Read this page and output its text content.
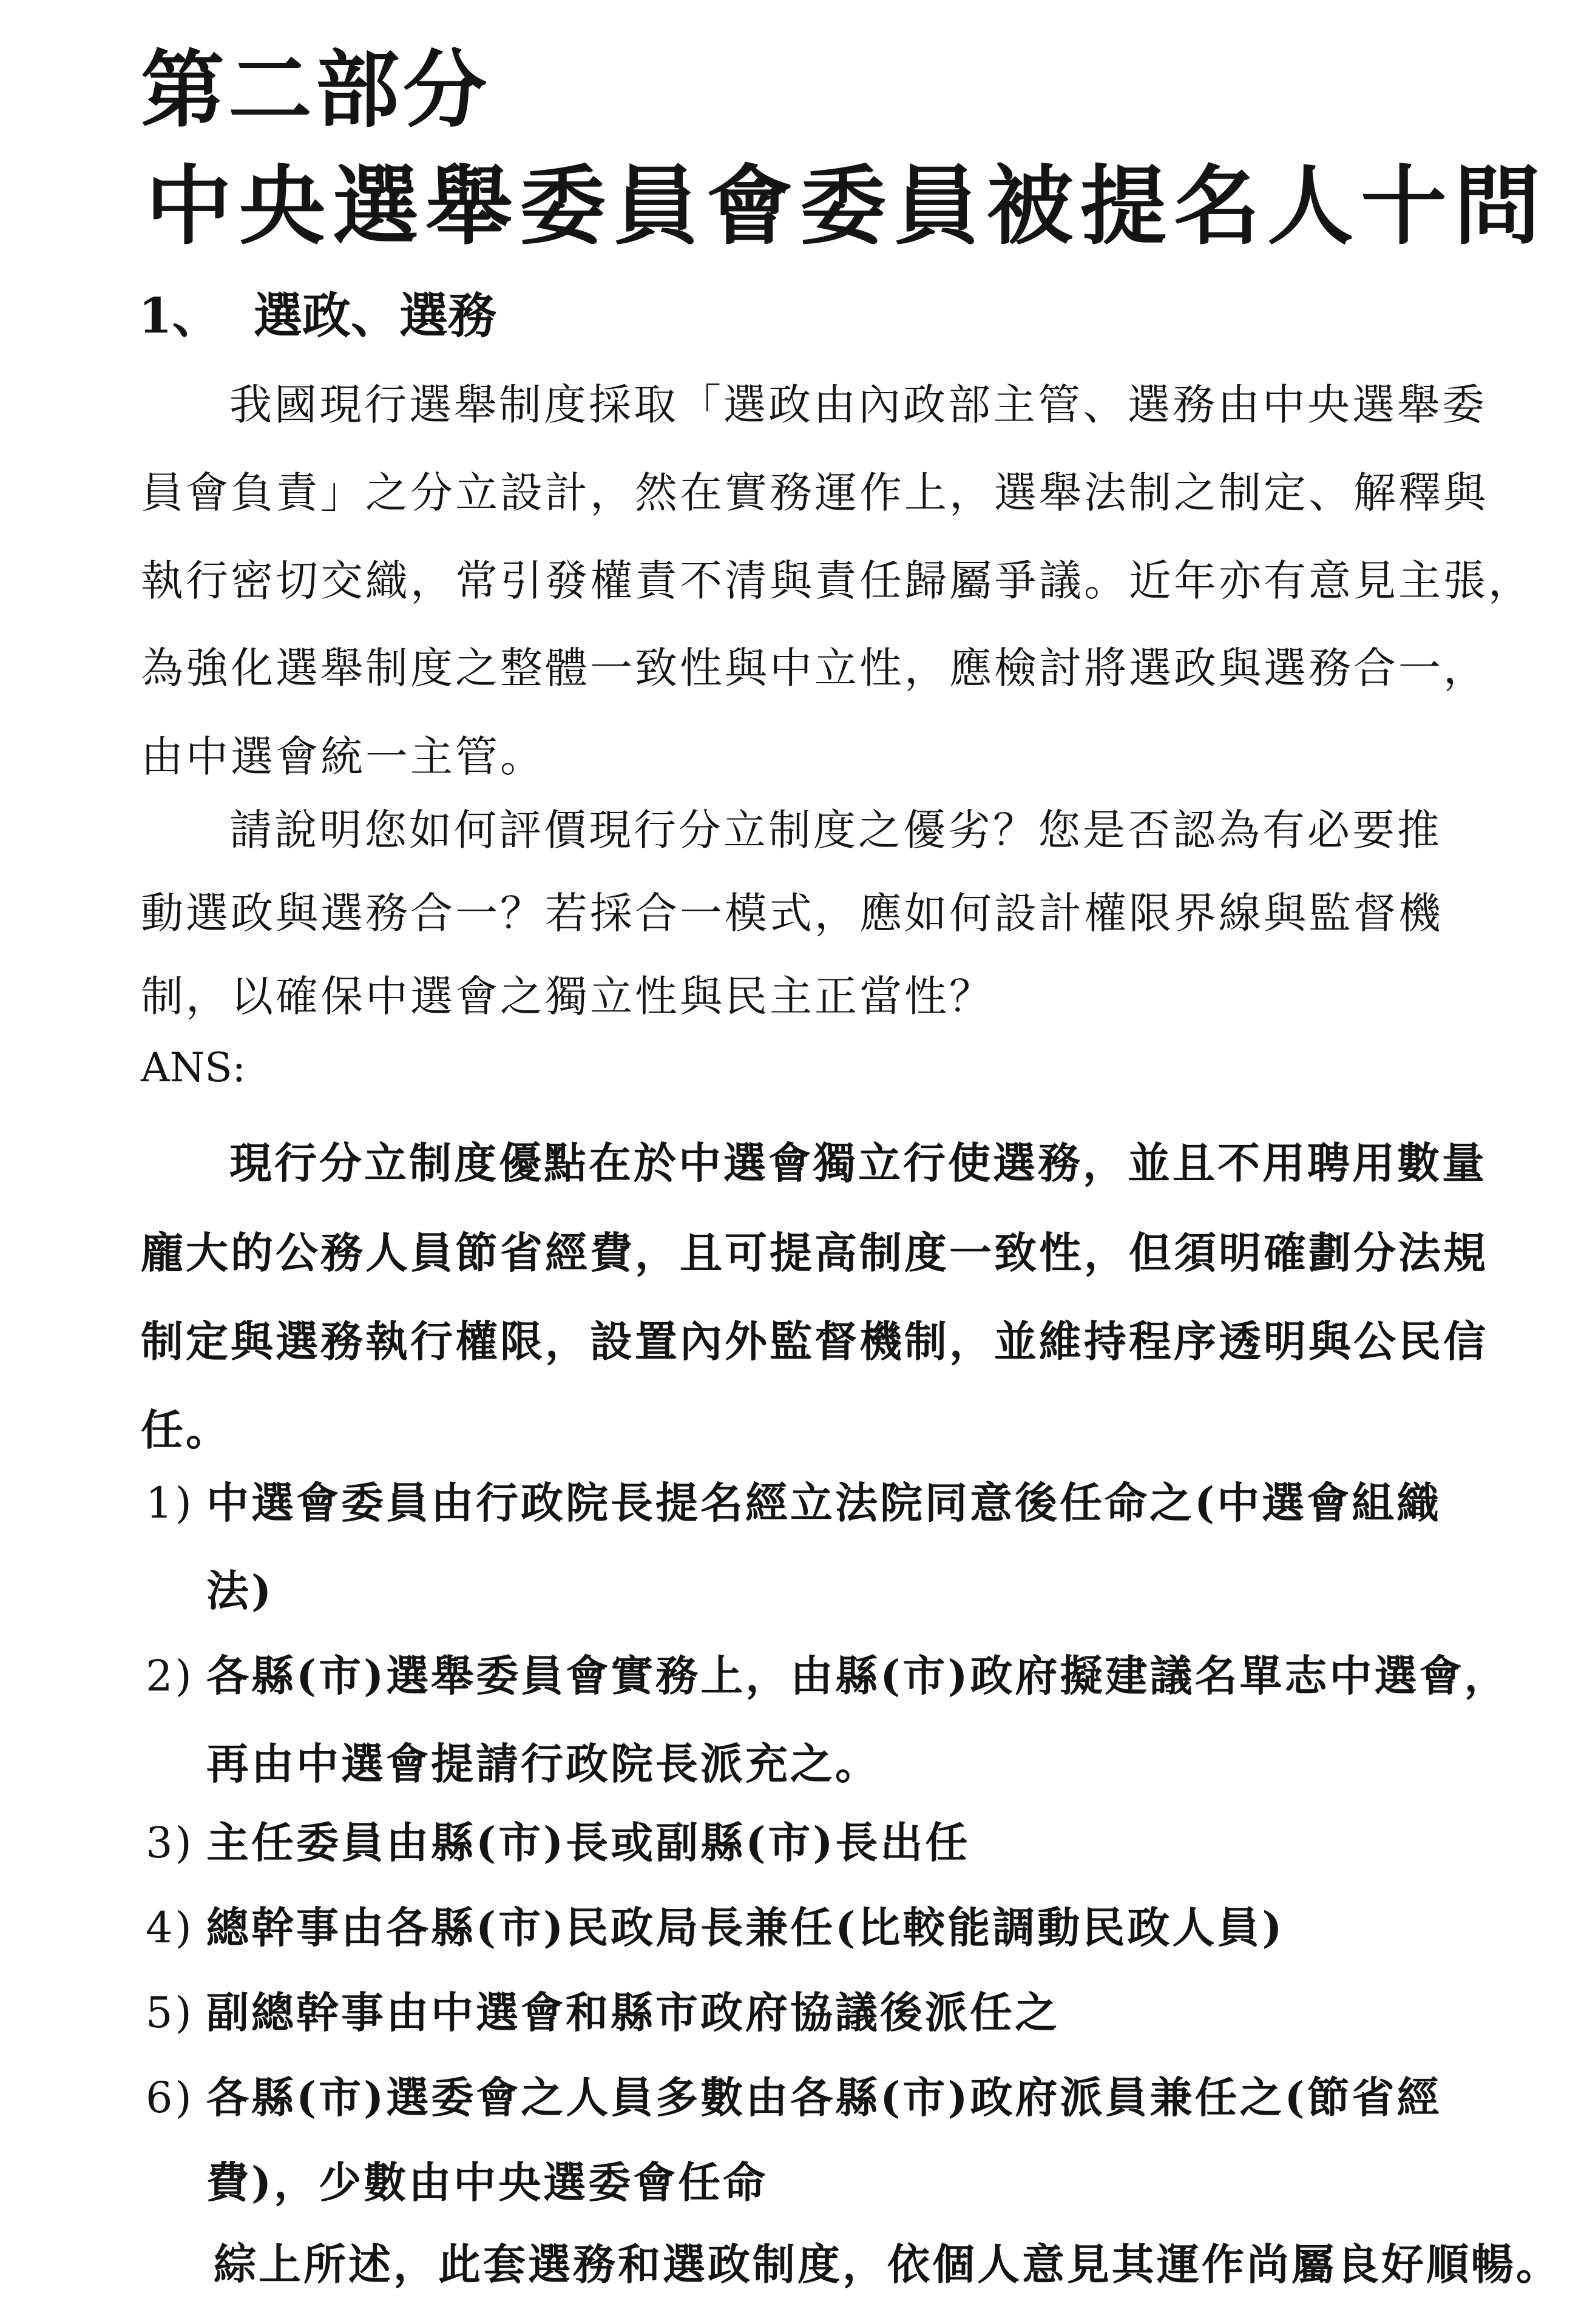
第二部分
中央選舉委員會委員被提名人十問
1、 選政、選務
我國現行選舉制度採取「選政由內政部主管、選務由中央選舉委
員會負責」之分立設計，然在實務運作上，選舉法制之制定、解釋與
執行密切交織，常引發權責不清與責任歸屬爭議。近年亦有意見主張，
為強化選舉制度之整體一致性與中立性，應檢討將選政與選務合一，
由中選會統一主管。
請說明您如何評價現行分立制度之優劣？您是否認為有必要推
動選政與選務合一？若採合一模式，應如何設計權限界線與監督機
制，以確保中選會之獨立性與民主正當性？
ANS:
現行分立制度優點在於中選會獨立行使選務，並且不用聘用數量
龐大的公務人員節省經費，且可提高制度一致性，但須明確劃分法規
制定與選務執行權限，設置內外監督機制，並維持程序透明與公民信
任。
1) 中選會委員由行政院長提名經立法院同意後任命之(中選會組織
法)
2) 各縣(市)選舉委員會實務上，由縣(市)政府擬建議名單志中選會，
再由中選會提請行政院長派充之。
3) 主任委員由縣(市)長或副縣(市)長出任
4) 總幹事由各縣(市)民政局長兼任(比較能調動民政人員)
5) 副總幹事由中選會和縣市政府協議後派任之
6) 各縣(市)選委會之人員多數由各縣(市)政府派員兼任之(節省經
費)，少數由中央選委會任命
綜上所述，此套選務和選政制度，依個人意見其運作尚屬良好順暢。
